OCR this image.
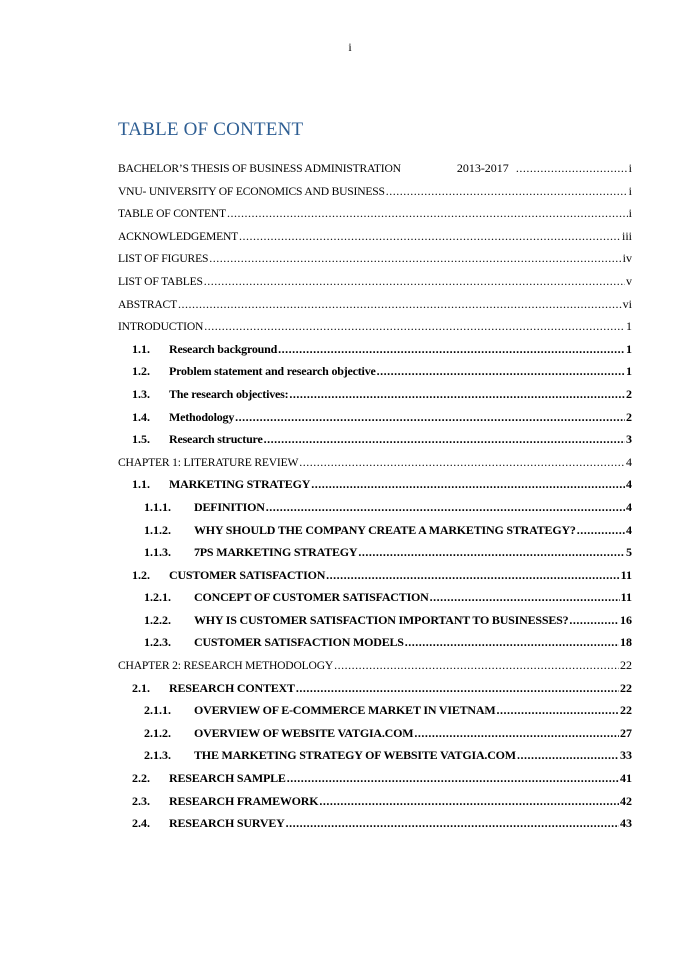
i
TABLE OF CONTENT
BACHELOR’S THESIS OF BUSINESS ADMINISTRATION	2013-2017 .....	i
VNU- UNIVERSITY OF ECONOMICS AND BUSINESS .....	i
TABLE OF CONTENT .....	i
ACKNOWLEDGEMENT .....	iii
LIST OF FIGURES .....	iv
LIST OF TABLES .....	v
ABSTRACT .....	vi
INTRODUCTION .....	1
1.1.	Research background .....	1
1.2.	Problem statement and research objective .....	1
1.3.	The research objectives: .....	2
1.4.	Methodology .....	2
1.5.	Research structure .....	3
CHAPTER 1: LITERATURE REVIEW .....	4
1.1.	MARKETING STRATEGY .....	4
1.1.1.	DEFINITION .....	4
1.1.2.	WHY SHOULD THE COMPANY CREATE A MARKETING STRATEGY? .....	4
1.1.3.	7PS MARKETING STRATEGY .....	5
1.2.	CUSTOMER SATISFACTION .....	11
1.2.1.	CONCEPT OF CUSTOMER SATISFACTION .....	11
1.2.2.	WHY IS CUSTOMER SATISFACTION IMPORTANT TO BUSINESSES? .....	16
1.2.3.	CUSTOMER SATISFACTION MODELS .....	18
CHAPTER 2: RESEARCH METHODOLOGY .....	22
2.1.	RESEARCH CONTEXT .....	22
2.1.1.	OVERVIEW OF E-COMMERCE MARKET IN VIETNAM .....	22
2.1.2.	OVERVIEW OF WEBSITE VATGIA.COM .....	27
2.1.3.	THE MARKETING STRATEGY OF WEBSITE VATGIA.COM .....	33
2.2.	RESEARCH SAMPLE .....	41
2.3.	RESEARCH FRAMEWORK .....	42
2.4.	RESEARCH SURVEY .....	43
